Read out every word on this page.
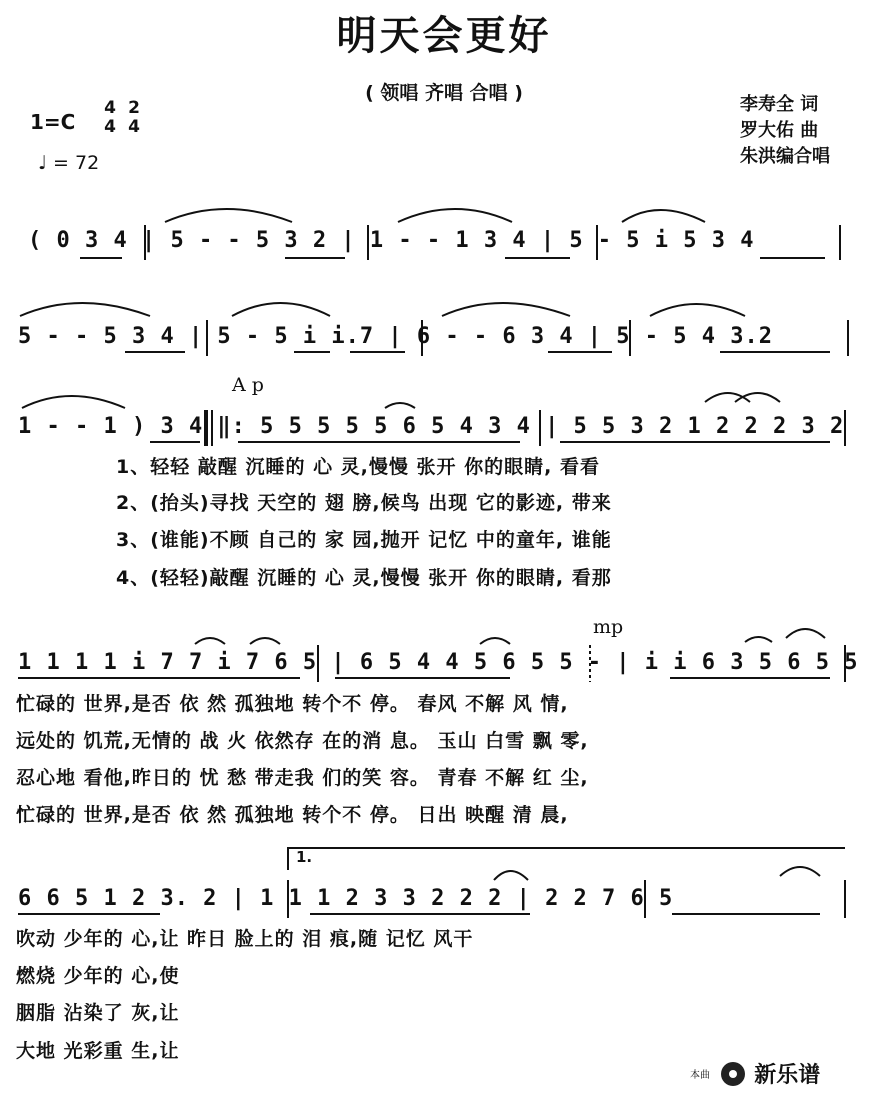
明天会更好
( 领唱 齐唱 合唱 )
1=C
4
4
2
4
♩ = 72
李寿全 词
罗大佑 曲
朱洪编合唱
( 0 3 4 | 5 - - 5 3 2 | 1 - - 1 3 4 | 5 - 5 i 5 3 4
5 - - 5 3 4 | 5 - 5 i i.7 | 6 - - 6 3 4 | 5 - 5 4 3.2
A p
1 - - 1 ) 3 4 ‖: 5 5 5 5 5 6 5 4 3 4 | 5 5 3 2 1 2 2 2 3 2
1、轻轻 敲醒 沉睡的 心 灵,慢慢 张开 你的眼睛, 看看
2、(抬头)寻找 天空的 翅 膀,候鸟 出现 它的影迹, 带来
3、(谁能)不顾 自己的 家 园,抛开 记忆 中的童年, 谁能
4、(轻轻)敲醒 沉睡的 心 灵,慢慢 张开 你的眼睛, 看那
mp
1 1 1 1 i 7 7 i 7 6 5 | 6 5 4 4 5 6 5 5 - | i i 6 3 5 6 5 5
忙碌的 世界,是否 依 然 孤独地 转个不 停。 春风 不解 风 情,
远处的 饥荒,无情的 战 火 依然存 在的消 息。 玉山 白雪 飘 零,
忍心地 看他,昨日的 忧 愁 带走我 们的笑 容。 青春 不解 红 尘,
忙碌的 世界,是否 依 然 孤独地 转个不 停。 日出 映醒 清 晨,
1.
6 6 5 1 2 3. 2 | 1 1 1 2 3 3 2 2 2 | 2 2 7 6 5
吹动 少年的 心,让 昨日 脸上的 泪 痕,随 记忆 风干
燃烧 少年的 心,使
胭脂 沾染了 灰,让
大地 光彩重 生,让
本曲 新乐谱
